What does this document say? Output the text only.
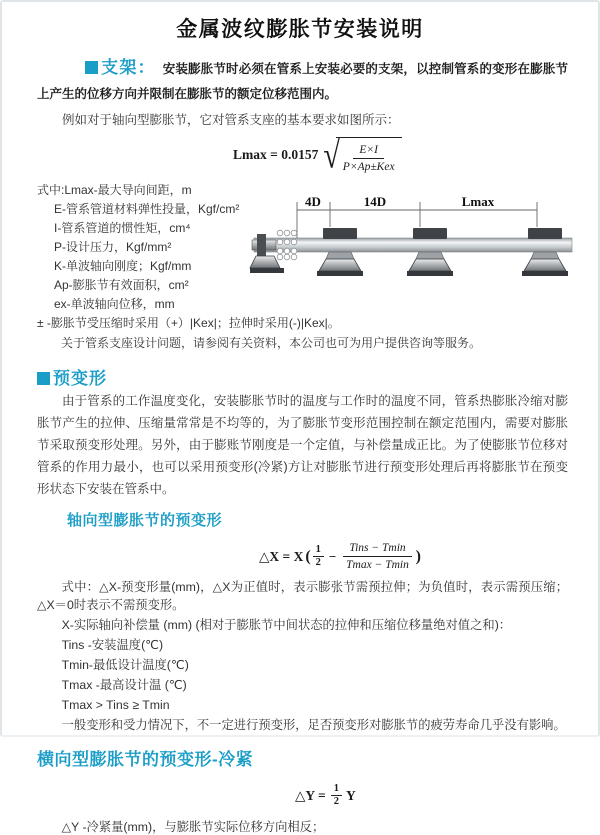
金属波纹膨胀节安装说明

支架： 安装膨胀节时必须在管系上安装必要的支架，以控制管系的变形在膨胀节上产生的位移方向并限制在膨胀节的额定位移范围内。

例如对于轴向型膨胀节，它对管系支座的基本要求如图所示：

Lmax = 0.0157 √ $\frac{E\times I}{\text{P×Ap±Kex}}$
式中:Lmax-最大导向间距，m
E-管系管道材料弹性投量，Kgf/cm²
I-管系管道的惯性矩，cm⁴
P-设计压力，Kgf/mm²
K-单波轴向刚度；Kgf/mm
Ap-膨胀节有效面积，cm²
ex-单波轴向位移，mm
± -膨胀节受压缩时采用（+）|Kex|；拉伸时采用(-)|Kex|。

关于管系支座设计问题，请参阅有关资料，本公司也可为用户提供咨询等服务。

预变形

由于管系的工作温度变化，安装膨胀节时的温度与工作时的温度不同，管系热膨胀冷缩对膨胀节产生的拉伸、压缩量常常是不均等的，为了膨胀节变形范围控制在额定范围内，需要对膨胀节采取预变形处理。另外，由于膨账节刚度是一个定值，与补偿量成正比。为了使膨胀节位移对管系的作用力最小，也可以采用预变形(冷紧)方让对膨胀节进行预变形处理后再将膨胀节在预变形状态下安装在管系中。

轴向型膨胀节的预变形
△X = X ( $\frac{1}{2} - \frac{\text{Tins − Tmin}}{Tmax - Tmin}$ )

式中：△X-预变形量(mm)，△X为正值时，表示膨张节需预拉伸；为负值时，表示需预压缩；△X＝0时表示不需预变形。

X-实际轴向补偿量 (mm) (相对于膨胀节中间状态的拉伸和压缩位移量绝对值之和)：

Tins -安装温度(℃)

Tmin-最低设计温度(℃)

Tmax -最高设计温 (℃)

Tmax > Tins ≥ Tmin

一般变形和受力情况下，不一定进行预变形，足否预变形对膨胀节的疲劳寿命几乎没有影响。

横向型膨胀节的预变形-冷紧
△Y = $\frac{1}{2}$ Y

△Y -冷紧量(mm)，与膨胀节实际位移方向相反；

4D	14D	Lmax
